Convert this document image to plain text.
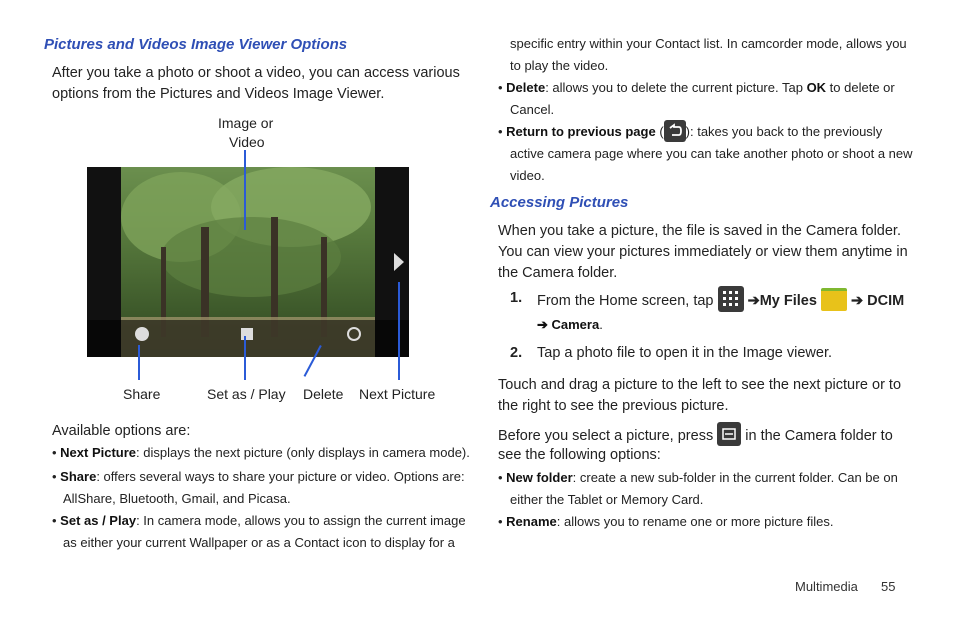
Pictures and Videos Image Viewer Options
After you take a photo or shoot a video, you can access various
options from the Pictures and Videos Image Viewer.
Image or
Video
Share	Set as / Play Delete Next Picture
Available options are:
• Next Picture: displays the next picture (only displays in camera mode).
• Share: offers several ways to share your picture or video. Options are:
AllShare, Bluetooth, Gmail, and Picasa.
• Set as / Play: In camera mode, allows you to assign the current image
as either your current Wallpaper or as a Contact icon to display for a
specific entry within your Contact list. In camcorder mode, allows you
to play the video.
• Delete: allows you to delete the current picture. Tap OK to delete or
Cancel.
• Return to previous page ( ): takes you back to the previously
active camera page where you can take another photo or shoot a new
video.
Accessing Pictures
When you take a picture, the file is saved in the Camera folder.
You can view your pictures immediately or view them anytime in
the Camera folder.
1. From the Home screen, tap ➔My Files ➔ DCIM
➔ Camera.
2. Tap a photo file to open it in the Image viewer.
Touch and drag a picture to the left to see the next picture or to
the right to see the previous picture.
Before you select a picture, press in the Camera folder to
see the following options:
• New folder: create a new sub-folder in the current folder. Can be on
either the Tablet or Memory Card.
• Rename: allows you to rename one or more picture files.
Multimedia 55
